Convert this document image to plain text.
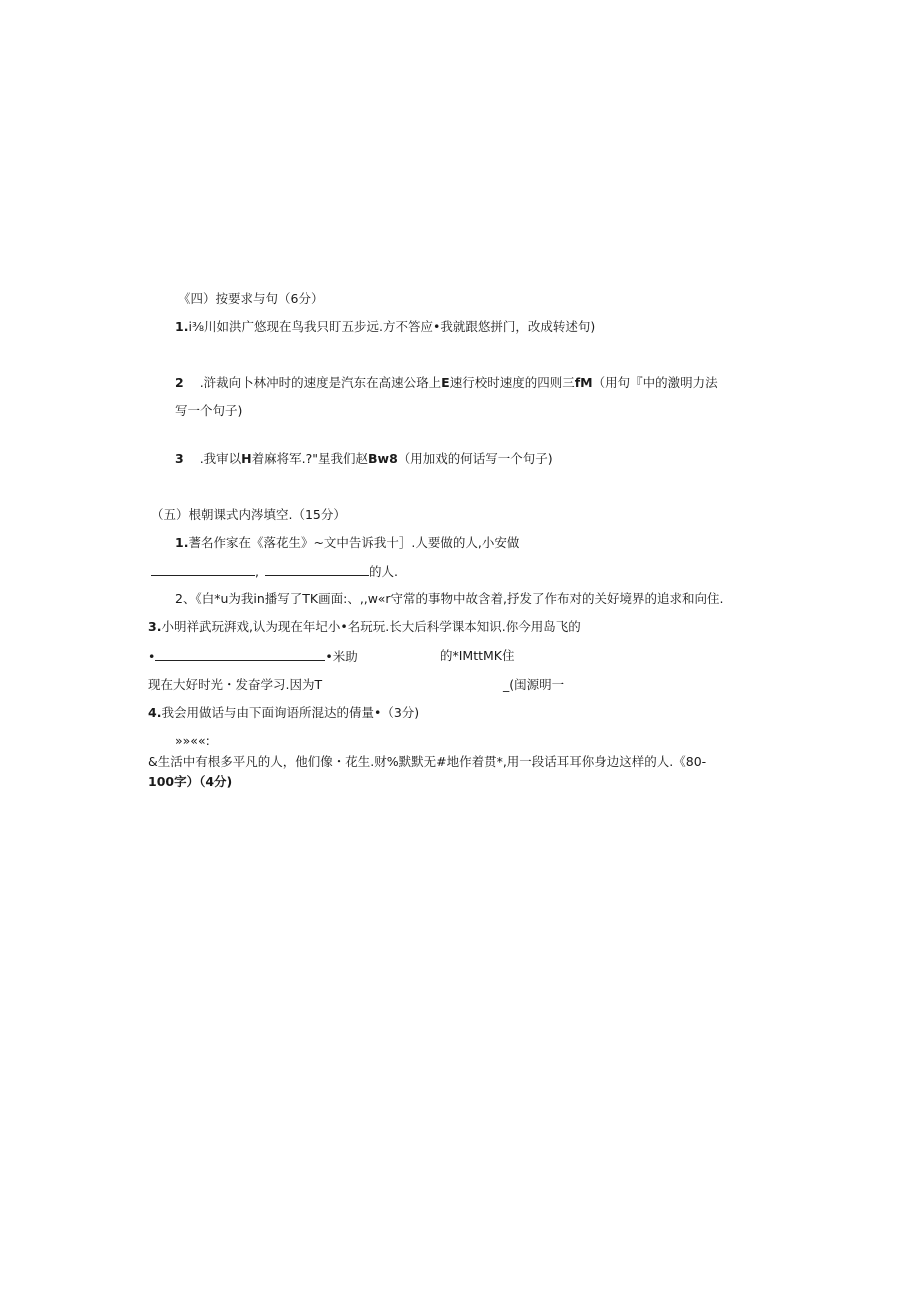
《四）按要求与句（6分）
1.i⅜川如洪广悠现在鸟我只盯五步远.方不答应•我就跟悠拼门，改成转述句)
2 .浒裁向卜林冲时的速度是汽东在高速公珞上E速行校时速度的四则三fM（用句『中的激明力法
写一个句子)
3 .我审以H着麻将军.?"星我们赵Bw8（用加戏的何话写一个句子)
（五）根朝课式内涔填空.（15分）
1.蓍名作家在《落花生》~文中告诉我十］.人要做的人,小安做
,	的人.
2、《白*u为我in播写了TK画面:、,,w«r守常的事物中故含着,抒发了作布对的关好境界的追求和向住.
3.小明祥武玩湃戏,认为现在年圮小•名玩玩.长大后科学课本知识.你今用岛飞的
•	•米助	的*IMttMK住
现在大好时光・发奋学习.因为T	_(闺源明一
4.我会用做话与由下面询语所混达的倩量•（3分)
»»««:
&生活中有根多平凡的人，他们像・花生.财%默默无#地作着贯*,用一段话耳耳你身边这样的人.《80-
100字）（4分)
